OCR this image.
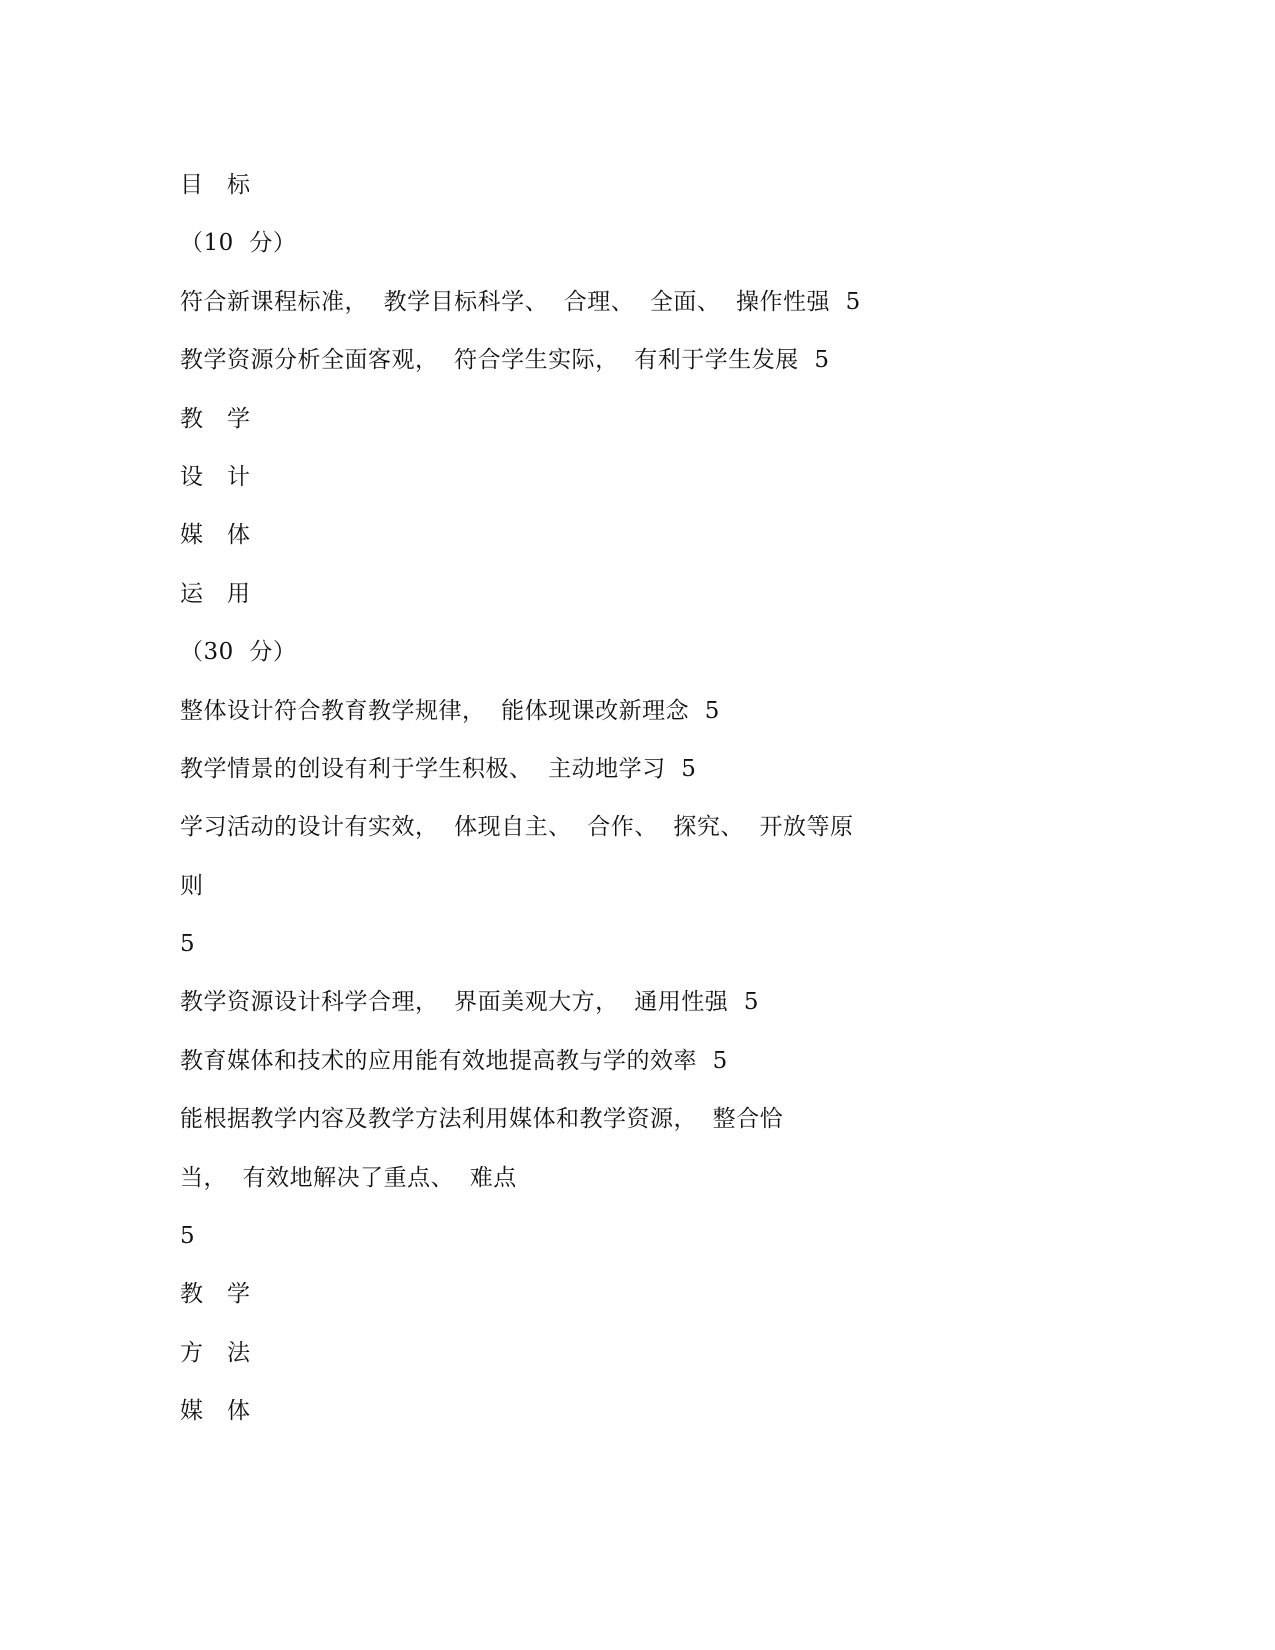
目　标
（10  分）
符合新课程标准，  教学目标科学、  合理、  全面、  操作性强  5
教学资源分析全面客观，  符合学生实际，  有利于学生发展  5
教　学
设　计
媒　体
运　用
（30  分）
整体设计符合教育教学规律，  能体现课改新理念  5
教学情景的创设有利于学生积极、  主动地学习  5
学习活动的设计有实效，  体现自主、  合作、  探究、  开放等原
则
5
教学资源设计科学合理，  界面美观大方，  通用性强  5
教育媒体和技术的应用能有效地提高教与学的效率  5
能根据教学内容及教学方法利用媒体和教学资源，  整合恰
当，  有效地解决了重点、  难点
5
教　学
方　法
媒　体
